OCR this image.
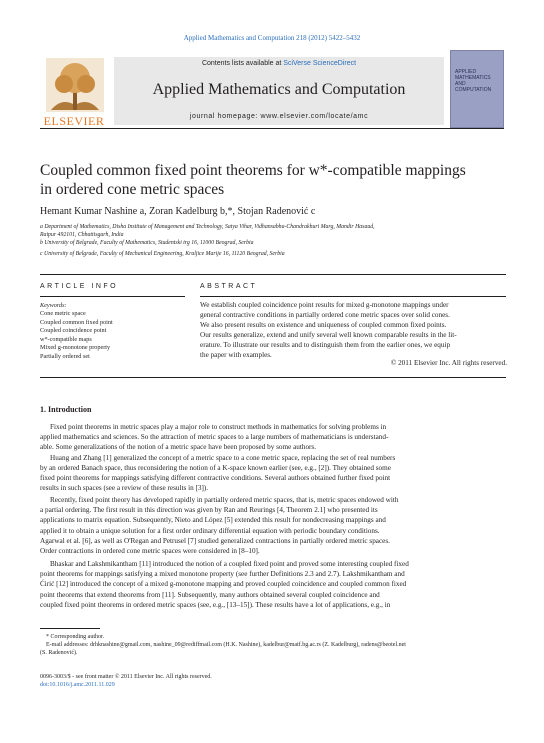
Applied Mathematics and Computation 218 (2012) 5422–5432
ELSEVIER
Contents lists available at SciVerse ScienceDirect
Applied Mathematics and Computation
journal homepage: www.elsevier.com/locate/amc
APPLIED
MATHEMATICS
AND
COMPUTATION
Coupled common fixed point theorems for w*-compatible mappings
in ordered cone metric spaces
Hemant Kumar Nashine a, Zoran Kadelburg b,*, Stojan Radenović c
a Department of Mathematics, Disha Institute of Management and Technology, Satya Vihar, Vidhansabha-Chandrakhuri Marg, Mandir Hasaud,
Raipur 492101, Chhattisgarh, India
b University of Belgrade, Faculty of Mathematics, Studentski trg 16, 11000 Beograd, Serbia
c University of Belgrade, Faculty of Mechanical Engineering, Kraljice Marije 16, 11120 Beograd, Serbia
ARTICLE INFO	ABSTRACT
Keywords:
Cone metric space
Coupled common fixed point
Coupled coincidence point
w*-compatible maps
Mixed g-monotone property
Partially ordered set
We establish coupled coincidence point results for mixed g-monotone mappings under
general contractive conditions in partially ordered cone metric spaces over solid cones.
We also present results on existence and uniqueness of coupled common fixed points.
Our results generalize, extend and unify several well known comparable results in the lit-
erature. To illustrate our results and to distinguish them from the earlier ones, we equip
the paper with examples.
© 2011 Elsevier Inc. All rights reserved.
1. Introduction
Fixed point theorems in metric spaces play a major role to construct methods in mathematics for solving problems in
applied mathematics and sciences. So the attraction of metric spaces to a large numbers of mathematicians is understand-
able. Some generalizations of the notion of a metric space have been proposed by some authors.
Huang and Zhang [1] generalized the concept of a metric space to a cone metric space, replacing the set of real numbers
by an ordered Banach space, thus reconsidering the notion of a K-space known earlier (see, e.g., [2]). They obtained some
fixed point theorems for mappings satisfying different contractive conditions. Several authors obtained further fixed point
results in such spaces (see a review of these results in [3]).
Recently, fixed point theory has developed rapidly in partially ordered metric spaces, that is, metric spaces endowed with
a partial ordering. The first result in this direction was given by Ran and Reurings [4, Theorem 2.1] who presented its
applications to matrix equation. Subsequently, Nieto and López [5] extended this result for nondecreasing mappings and
applied it to obtain a unique solution for a first order ordinary differential equation with periodic boundary conditions.
Agarwal et al. [6], as well as O'Regan and Petrusel [7] studied generalized contractions in partially ordered metric spaces.
Order contractions in ordered cone metric spaces were considered in [8–10].
Bhaskar and Lakshmikantham [11] introduced the notion of a coupled fixed point and proved some interesting coupled fixed
point theorems for mappings satisfying a mixed monotone property (see further Definitions 2.3 and 2.7). Lakshmikantham and
Ćirić [12] introduced the concept of a mixed g-monotone mapping and proved coupled coincidence and coupled common fixed
point theorems that extend theorems from [11]. Subsequently, many authors obtained several coupled coincidence and
coupled fixed point theorems in ordered metric spaces (see, e.g., [13–15]). These results have a lot of applications, e.g., in
* Corresponding author.
E-mail addresses: drhknashine@gmail.com, nashine_09@rediffmail.com (H.K. Nashine), kadelbur@matf.bg.ac.rs (Z. Kadelburg), radens@beotel.net
(S. Radenović).
0096-3003/$ - see front matter © 2011 Elsevier Inc. All rights reserved.
doi:10.1016/j.amc.2011.11.029
